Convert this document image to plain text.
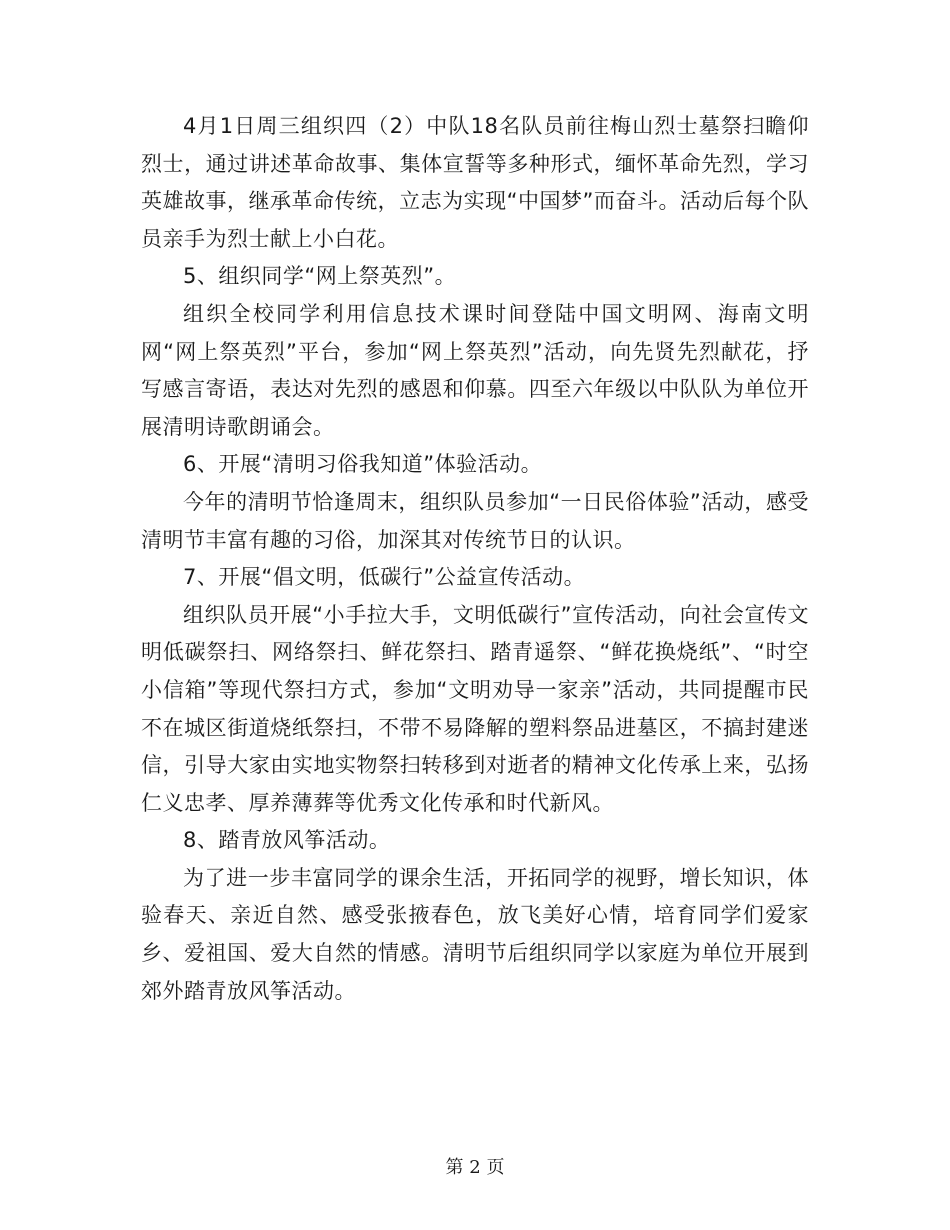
4月1日周三组织四（2）中队18名队员前往梅山烈士墓祭扫瞻仰烈士，通过讲述革命故事、集体宣誓等多种形式，缅怀革命先烈，学习英雄故事，继承革命传统，立志为实现“中国梦”而奋斗。活动后每个队员亲手为烈士献上小白花。

5、组织同学“网上祭英烈”。

组织全校同学利用信息技术课时间登陆中国文明网、海南文明网“网上祭英烈”平台，参加“网上祭英烈”活动，向先贤先烈献花，抒写感言寄语，表达对先烈的感恩和仰慕。四至六年级以中队队为单位开展清明诗歌朗诵会。

6、开展“清明习俗我知道”体验活动。

今年的清明节恰逢周末，组织队员参加“一日民俗体验”活动，感受清明节丰富有趣的习俗，加深其对传统节日的认识。

7、开展“倡文明，低碳行”公益宣传活动。

组织队员开展“小手拉大手，文明低碳行”宣传活动，向社会宣传文明低碳祭扫、网络祭扫、鲜花祭扫、踏青遥祭、“鲜花换烧纸”、“时空小信箱”等现代祭扫方式，参加“文明劝导一家亲”活动，共同提醒市民不在城区街道烧纸祭扫，不带不易降解的塑料祭品进墓区，不搞封建迷信，引导大家由实地实物祭扫转移到对逝者的精神文化传承上来，弘扬仁义忠孝、厚养薄葬等优秀文化传承和时代新风。

8、踏青放风筝活动。

为了进一步丰富同学的课余生活，开拓同学的视野，增长知识，体验春天、亲近自然、感受张掖春色，放飞美好心情，培育同学们爱家乡、爱祖国、爱大自然的情感。清明节后组织同学以家庭为单位开展到郊外踏青放风筝活动。

第 2 页
